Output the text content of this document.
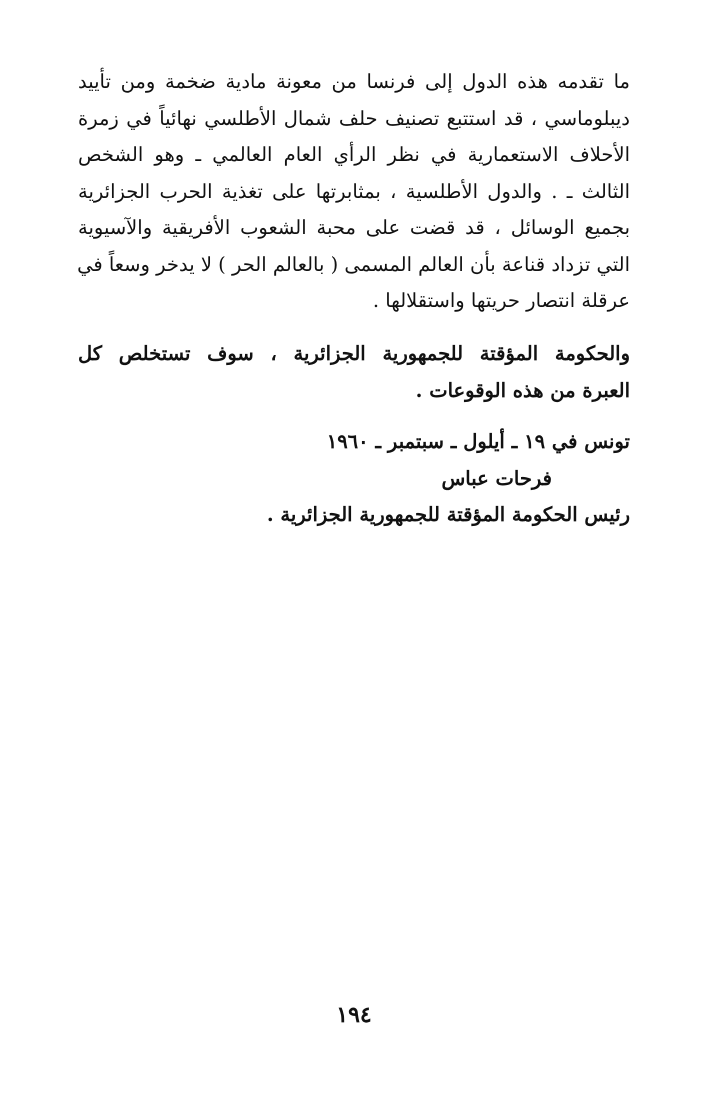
ما تقدمه هذه الدول إلى فرنسا من معونة مادية ضخمة ومن تأييد
ديبلوماسي ، قد استتبع تصنيف حلف شمال الأطلسي نهائياً في زمرة
الأحلاف الاستعمارية في نظر الرأي العام العالمي ـ وهو الشخص
الثالث ـ . والدول الأطلسية ، بمثابرتها على تغذية الحرب الجزائرية
بجميع الوسائل ، قد قضت على محبة الشعوب الأفريقية والآسيوية
التي تزداد قناعة بأن العالم المسمى ( بالعالم الحر ) لا يدخر وسعاً في
عرقلة انتصار حريتها واستقلالها .
والحكومة المؤقتة للجمهورية الجزائرية ، سوف تستخلص كل
العبرة من هذه الوقوعات .
تونس في ١٩ ـ أيلول ـ سبتمبر ـ ١٩٦٠
فرحات عباس
رئيس الحكومة المؤقتة للجمهورية الجزائرية .
١٩٤
